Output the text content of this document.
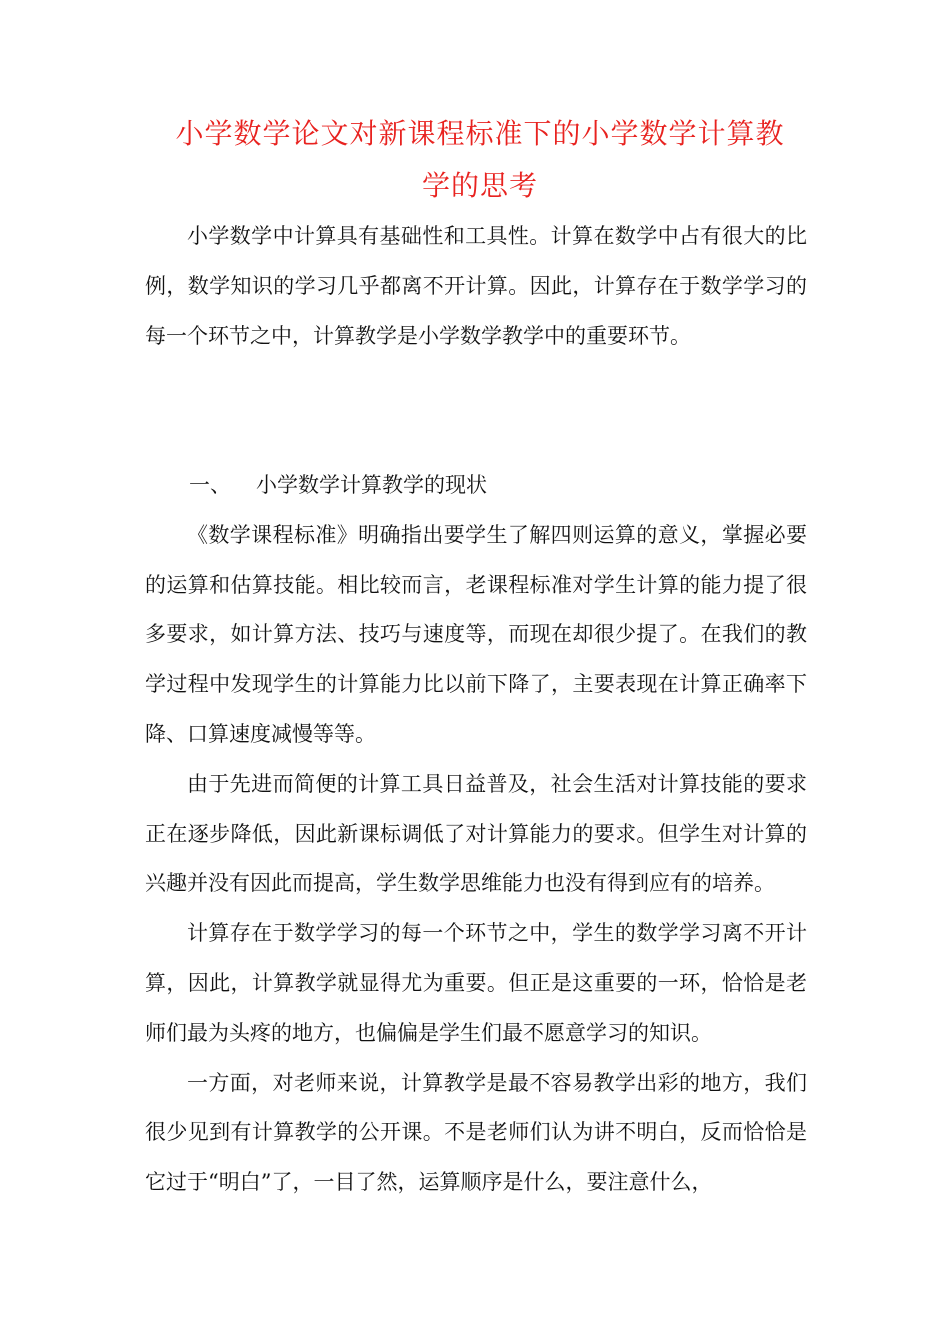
小学数学论文对新课程标准下的小学数学计算教
学的思考

小学数学中计算具有基础性和工具性。计算在数学中占有很大的比例，数学知识的学习几乎都离不开计算。因此，计算存在于数学学习的每一个环节之中，计算教学是小学数学教学中的重要环节。

一、 小学数学计算教学的现状

《数学课程标准》明确指出要学生了解四则运算的意义，掌握必要的运算和估算技能。相比较而言，老课程标准对学生计算的能力提了很多要求，如计算方法、技巧与速度等，而现在却很少提了。在我们的教学过程中发现学生的计算能力比以前下降了，主要表现在计算正确率下降、口算速度减慢等等。

由于先进而简便的计算工具日益普及，社会生活对计算技能的要求正在逐步降低，因此新课标调低了对计算能力的要求。但学生对计算的兴趣并没有因此而提高，学生数学思维能力也没有得到应有的培养。

计算存在于数学学习的每一个环节之中，学生的数学学习离不开计算，因此，计算教学就显得尤为重要。但正是这重要的一环，恰恰是老师们最为头疼的地方，也偏偏是学生们最不愿意学习的知识。

一方面，对老师来说，计算教学是最不容易教学出彩的地方，我们很少见到有计算教学的公开课。不是老师们认为讲不明白，反而恰恰是它过于“明白”了，一目了然，运算顺序是什么，要注意什么，
